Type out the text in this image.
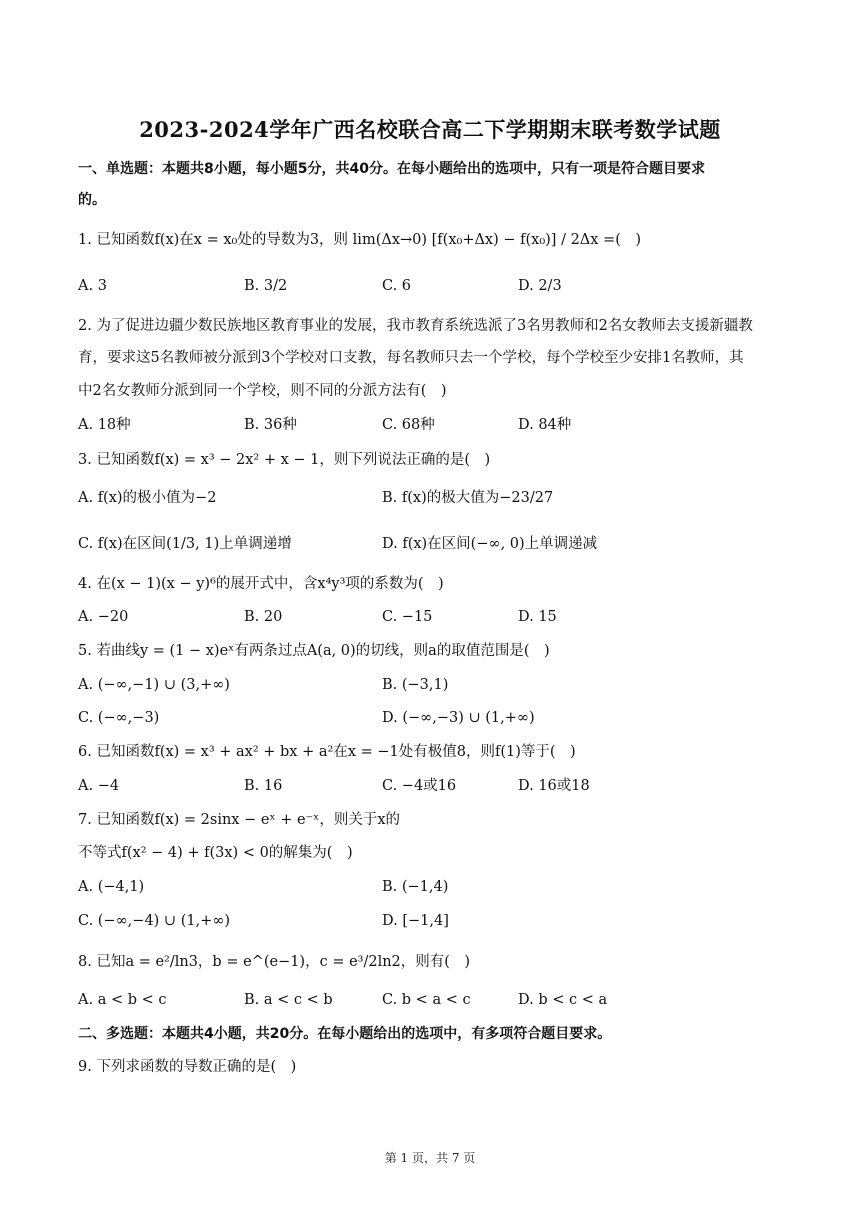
2023-2024学年广西名校联合高二下学期期末联考数学试题
一、单选题：本题共8小题，每小题5分，共40分。在每小题给出的选项中，只有一项是符合题目要求
的。
1. 已知函数f(x)在x = x₀处的导数为3，则 lim(Δx→0) [f(x₀+Δx) − f(x₀)] / 2Δx =(　)
A. 3	B. 3/2	C. 6	D. 2/3
2. 为了促进边疆少数民族地区教育事业的发展，我市教育系统选派了3名男教师和2名女教师去支援新疆教
育，要求这5名教师被分派到3个学校对口支教，每名教师只去一个学校，每个学校至少安排1名教师，其
中2名女教师分派到同一个学校，则不同的分派方法有(　)
A. 18种	B. 36种	C. 68种	D. 84种
3. 已知函数f(x) = x³ − 2x² + x − 1，则下列说法正确的是(　)
A. f(x)的极小值为−2	B. f(x)的极大值为−23/27
C. f(x)在区间(1/3, 1)上单调递增	D. f(x)在区间(−∞, 0)上单调递减
4. 在(x − 1)(x − y)⁶的展开式中，含x⁴y³项的系数为(　)
A. −20	B. 20	C. −15	D. 15
5. 若曲线y = (1 − x)eˣ有两条过点A(a, 0)的切线，则a的取值范围是(　)
A. (−∞,−1) ∪ (3,+∞)	B. (−3,1)
C. (−∞,−3)	D. (−∞,−3) ∪ (1,+∞)
6. 已知函数f(x) = x³ + ax² + bx + a²在x = −1处有极值8，则f(1)等于(　)
A. −4	B. 16	C. −4或16	D. 16或18
7. 已知函数f(x) = 2sinx − eˣ + e⁻ˣ，则关于x的
不等式f(x² − 4) + f(3x) < 0的解集为(　)
A. (−4,1)	B. (−1,4)
C. (−∞,−4) ∪ (1,+∞)	D. [−1,4]
8. 已知a = e²/ln3，b = e^(e−1)，c = e³/2ln2，则有(　)
A. a < b < c	B. a < c < b	C. b < a < c	D. b < c < a
二、多选题：本题共4小题，共20分。在每小题给出的选项中，有多项符合题目要求。
9. 下列求函数的导数正确的是(　)
第 1 页，共 7 页
